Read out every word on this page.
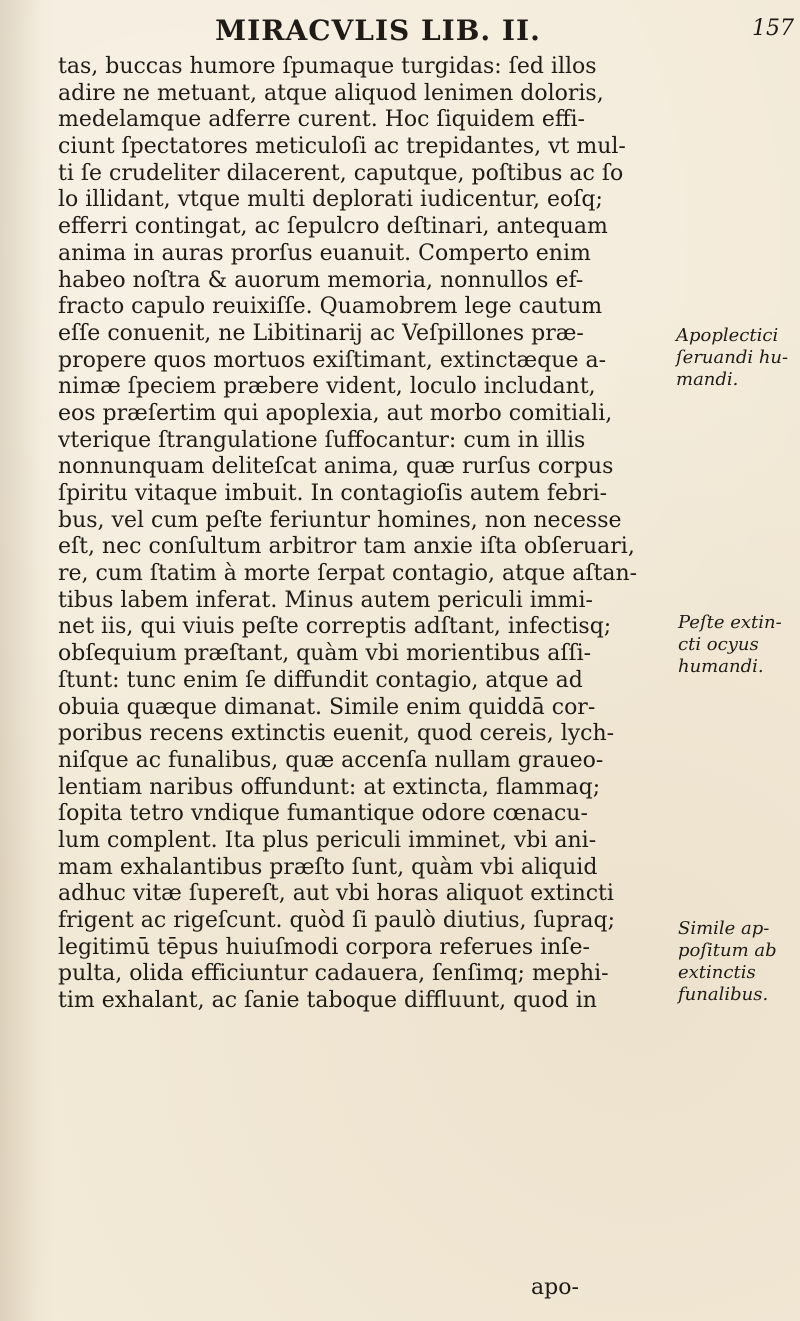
MIRACVLIS LIB. II.	157
tas, buccas humore ſpumaque turgidas: ſed illos
adire ne metuant, atque aliquod lenimen doloris,
medelamque adferre curent. Hoc ſiquidem effi-
ciunt ſpectatores meticuloſi ac trepidantes, vt mul-
ti ſe crudeliter dilacerent, caputque, poſtibus ac ſo
lo illidant, vtque multi deplorati iudicentur, eoſq;
efferri contingat, ac ſepulcro deſtinari, antequam
anima in auras prorſus euanuit. Comperto enim
habeo noſtra & auorum memoria, nonnullos ef-
fracto capulo reuixiſſe. Quamobrem lege cautum
eſſe conuenit, ne Libitinarij ac Veſpillones præ-
propere quos mortuos exiſtimant, extinctæque a-
nimæ ſpeciem præbere vident, loculo includant,
eos præſertim qui apoplexia, aut morbo comitiali,
vterique ſtrangulatione ſuffocantur: cum in illis
nonnunquam deliteſcat anima, quæ rurſus corpus
ſpiritu vitaque imbuit. In contagioſis autem febri-
bus, vel cum peſte feriuntur homines, non necesse
eſt, nec conſultum arbitror tam anxie iſta obſeruari,
re, cum ſtatim à morte ſerpat contagio, atque aſtan-
tibus labem inferat. Minus autem periculi immi-
net iis, qui viuis peſte correptis adſtant, infectisq;
obſequium præſtant, quàm vbi morientibus aſſi-
ſtunt: tunc enim ſe diffundit contagio, atque ad
obuia quæque dimanat. Simile enim quiddā cor-
poribus recens extinctis euenit, quod cereis, lych-
niſque ac funalibus, quæ accenſa nullam graueo-
lentiam naribus offundunt: at extincta, flammaq;
ſopita tetro vndique fumantique odore cœnacu-
lum complent. Ita plus periculi imminet, vbi ani-
mam exhalantibus præſto ſunt, quàm vbi aliquid
adhuc vitæ ſupereſt, aut vbi horas aliquot extincti
frigent ac rigeſcunt. quòd ſi paulò diutius, ſupraq;
legitimū tēpus huiuſmodi corpora referues inſe-
pulta, olida efficiuntur cadauera, ſenſimq; mephi-
tim exhalant, ac ſanie taboque diffluunt, quod in
Apoplectici
ſeruandi hu-
mandi.
Peſte extin-
cti ocyus
humandi.
Simile ap-
poſitum ab
extinctis
funalibus.
apo-
